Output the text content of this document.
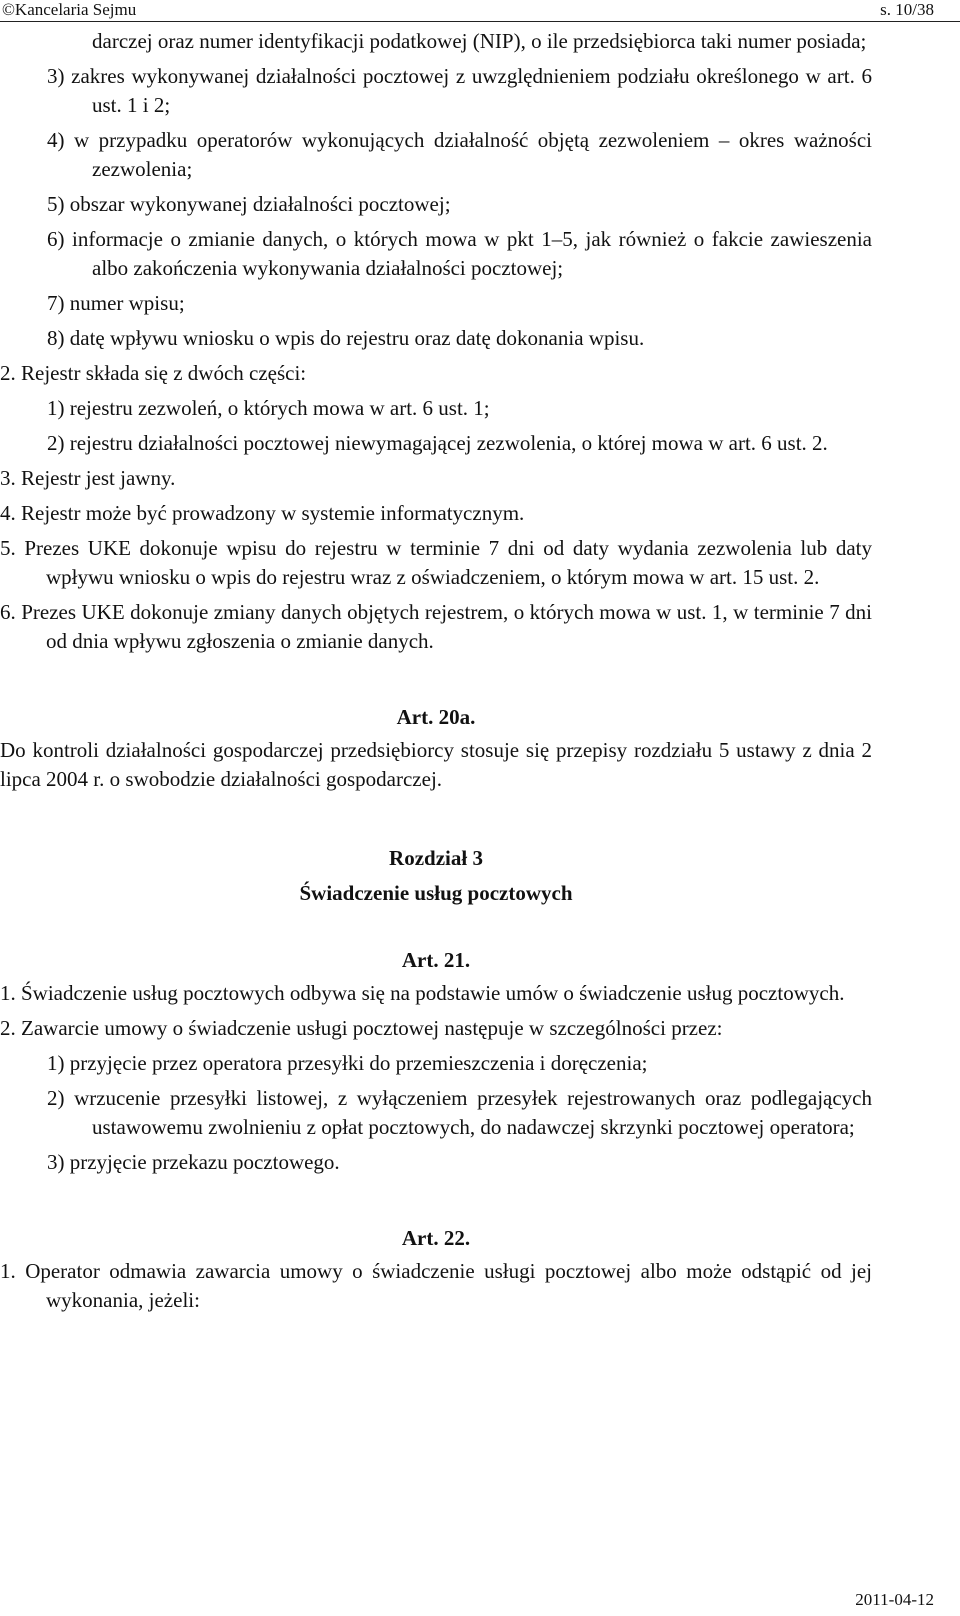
©Kancelaria Sejmu	s. 10/38

darczej oraz numer identyfikacji podatkowej (NIP), o ile przedsiębiorca taki numer posiada;

3) zakres wykonywanej działalności pocztowej z uwzględnieniem podziału określonego w art. 6 ust. 1 i 2;

4) w przypadku operatorów wykonujących działalność objętą zezwoleniem – okres ważności zezwolenia;

5) obszar wykonywanej działalności pocztowej;

6) informacje o zmianie danych, o których mowa w pkt 1–5, jak również o fakcie zawieszenia albo zakończenia wykonywania działalności pocztowej;

7) numer wpisu;

8) datę wpływu wniosku o wpis do rejestru oraz datę dokonania wpisu.

2. Rejestr składa się z dwóch części:

1) rejestru zezwoleń, o których mowa w art. 6 ust. 1;

2) rejestru działalności pocztowej niewymagającej zezwolenia, o której mowa w art. 6 ust. 2.

3. Rejestr jest jawny.

4. Rejestr może być prowadzony w systemie informatycznym.

5. Prezes UKE dokonuje wpisu do rejestru w terminie 7 dni od daty wydania zezwolenia lub daty wpływu wniosku o wpis do rejestru wraz z oświadczeniem, o którym mowa w art. 15 ust. 2.

6. Prezes UKE dokonuje zmiany danych objętych rejestrem, o których mowa w ust. 1, w terminie 7 dni od dnia wpływu zgłoszenia o zmianie danych.

Art. 20a.

Do kontroli działalności gospodarczej przedsiębiorcy stosuje się przepisy rozdziału 5 ustawy z dnia 2 lipca 2004 r. o swobodzie działalności gospodarczej.

Rozdział 3

Świadczenie usług pocztowych

Art. 21.

1. Świadczenie usług pocztowych odbywa się na podstawie umów o świadczenie usług pocztowych.

2. Zawarcie umowy o świadczenie usługi pocztowej następuje w szczególności przez:

1) przyjęcie przez operatora przesyłki do przemieszczenia i doręczenia;

2) wrzucenie przesyłki listowej, z wyłączeniem przesyłek rejestrowanych oraz podlegających ustawowemu zwolnieniu z opłat pocztowych, do nadawczej skrzynki pocztowej operatora;

3) przyjęcie przekazu pocztowego.

Art. 22.

1. Operator odmawia zawarcia umowy o świadczenie usługi pocztowej albo może odstąpić od jej wykonania, jeżeli:

2011-04-12
